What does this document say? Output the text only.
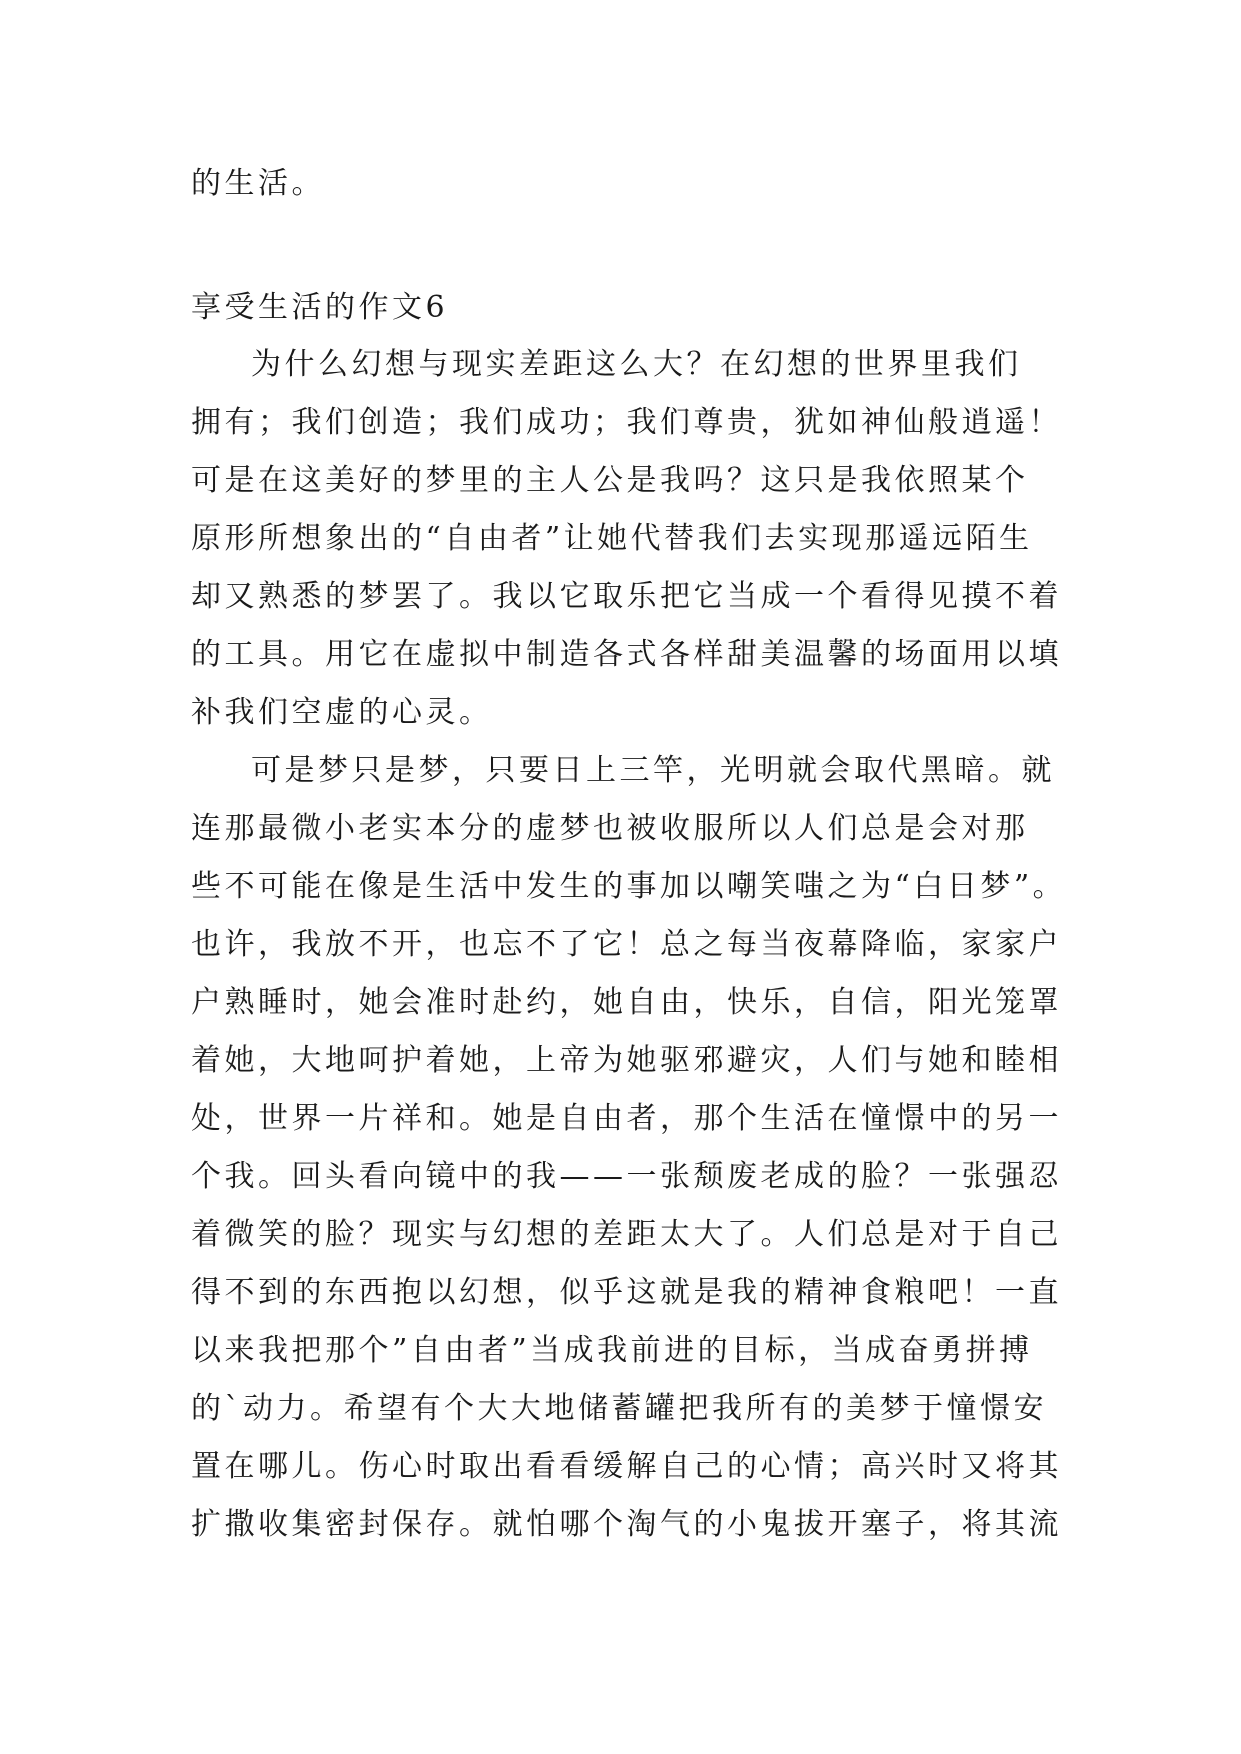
的生活。
享受生活的作文6
为什么幻想与现实差距这么大？在幻想的世界里我们
拥有；我们创造；我们成功；我们尊贵，犹如神仙般逍遥！
可是在这美好的梦里的主人公是我吗？这只是我依照某个
原形所想象出的“自由者”让她代替我们去实现那遥远陌生
却又熟悉的梦罢了。我以它取乐把它当成一个看得见摸不着
的工具。用它在虚拟中制造各式各样甜美温馨的场面用以填
补我们空虚的心灵。
可是梦只是梦，只要日上三竿，光明就会取代黑暗。就
连那最微小老实本分的虚梦也被收服所以人们总是会对那
些不可能在像是生活中发生的事加以嘲笑嗤之为“白日梦”。
也许，我放不开，也忘不了它！总之每当夜幕降临，家家户
户熟睡时，她会准时赴约，她自由，快乐，自信，阳光笼罩
着她，大地呵护着她，上帝为她驱邪避灾，人们与她和睦相
处，世界一片祥和。她是自由者，那个生活在憧憬中的另一
个我。回头看向镜中的我——一张颓废老成的脸？一张强忍
着微笑的脸？现实与幻想的差距太大了。人们总是对于自己
得不到的东西抱以幻想，似乎这就是我的精神食粮吧！一直
以来我把那个”自由者”当成我前进的目标，当成奋勇拼搏
的`动力。希望有个大大地储蓄罐把我所有的美梦于憧憬安
置在哪儿。伤心时取出看看缓解自己的心情；高兴时又将其
扩撒收集密封保存。就怕哪个淘气的小鬼拔开塞子，将其流
